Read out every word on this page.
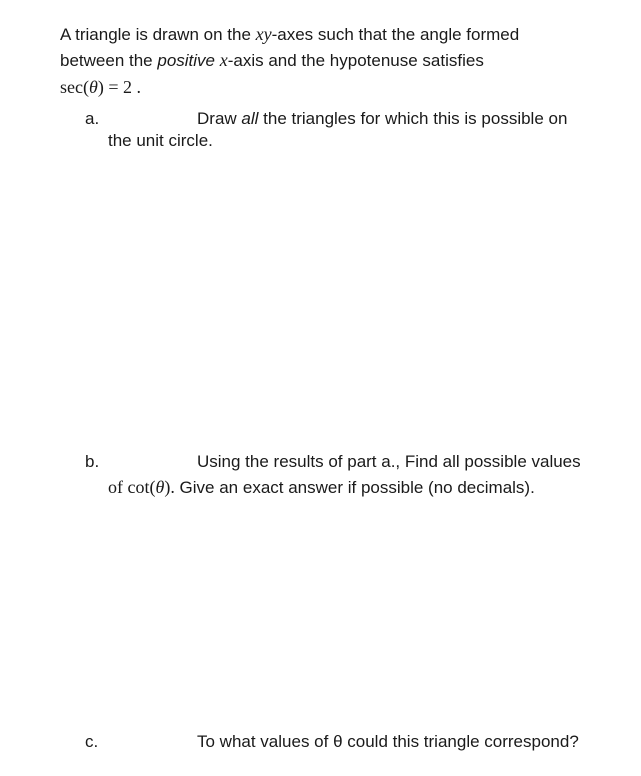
A triangle is drawn on the xy-axes such that the angle formed
between the positive x-axis and the hypotenuse satisfies
sec(θ) = 2 .
a.	Draw all the triangles for which this is possible on
the unit circle.
b.	Using the results of part a., Find all possible values
of cot(θ). Give an exact answer if possible (no decimals).
c.	To what values of θ could this triangle correspond?
